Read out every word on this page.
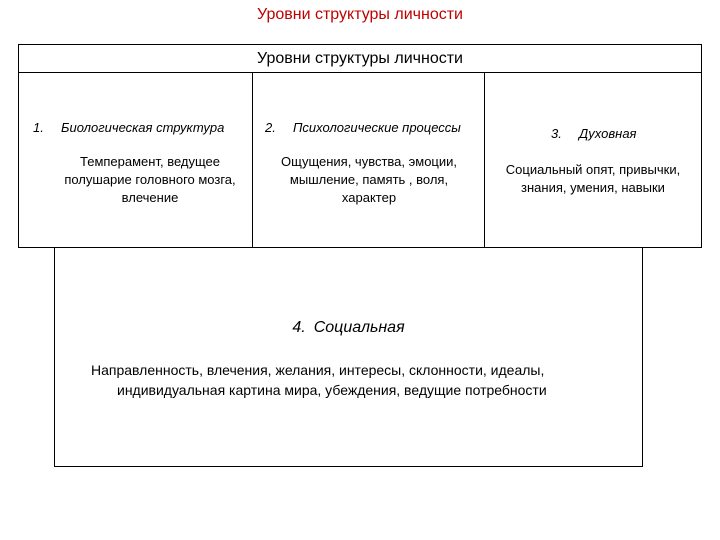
Уровни структуры личности
4. Социальная
Направленность, влечения, желания, интересы, склонности, идеалы,
индивидуальная картина мира, убеждения, ведущие потребности
Уровни структуры личности
1. Биологическая структура
Темперамент, ведущее
полушарие головного мозга,
влечение
2. Психологические процессы
Ощущения, чувства, эмоции,
мышление, память , воля,
характер
3. Духовная
Социальный опят, привычки,
знания, умения, навыки
